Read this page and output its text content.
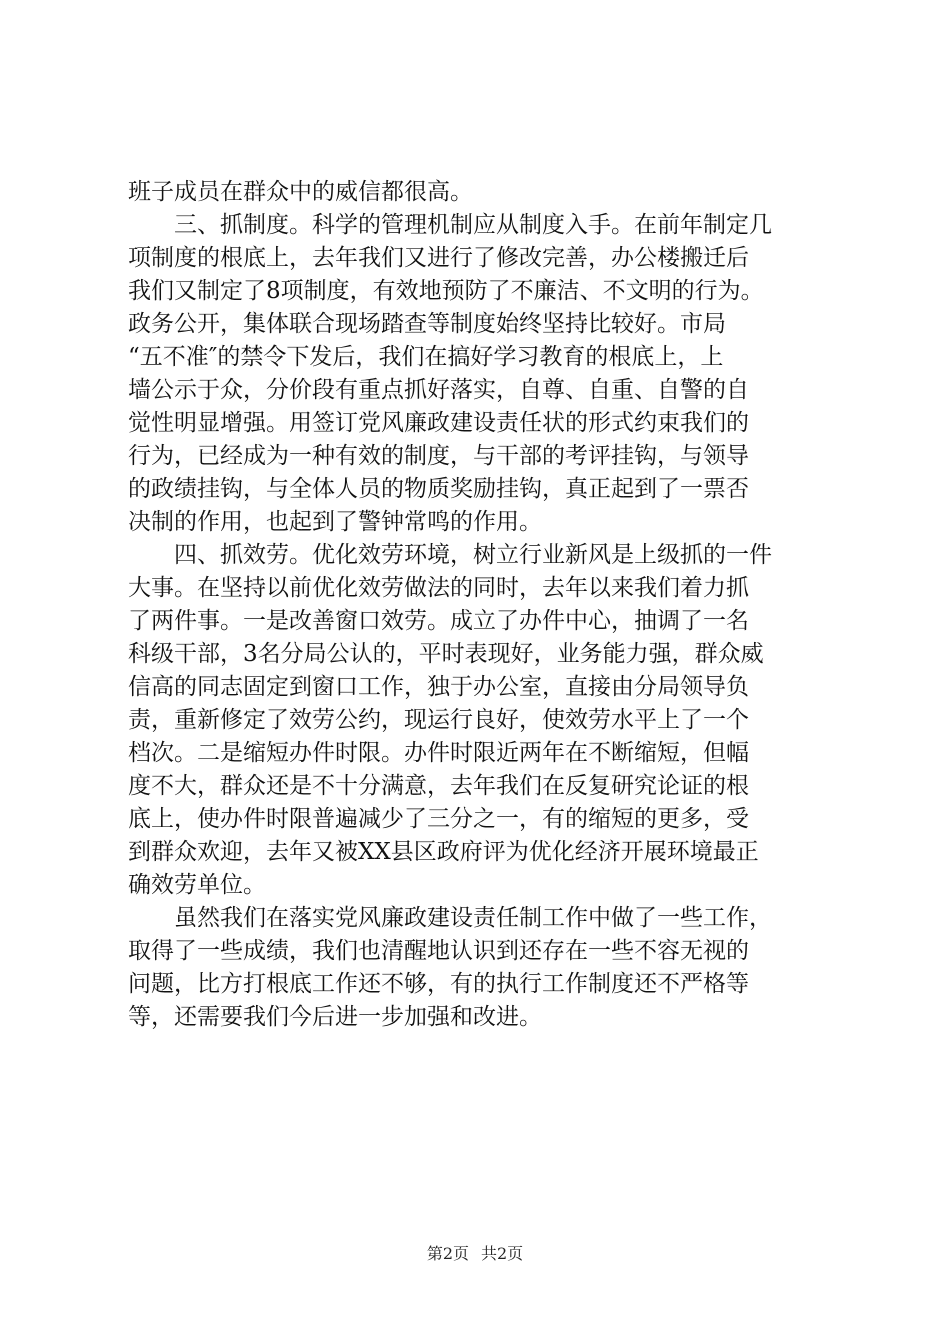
班子成员在群众中的威信都很高。
三、抓制度。科学的管理机制应从制度入手。在前年制定几
项制度的根底上，去年我们又进行了修改完善，办公楼搬迁后
我们又制定了8项制度，有效地预防了不廉洁、不文明的行为。
政务公开，集体联合现场踏查等制度始终坚持比较好。市局
“五不准″的禁令下发后，我们在搞好学习教育的根底上，上
墙公示于众，分价段有重点抓好落实，自尊、自重、自警的自
觉性明显增强。用签订党风廉政建设责任状的形式约束我们的
行为，已经成为一种有效的制度，与干部的考评挂钩，与领导
的政绩挂钩，与全体人员的物质奖励挂钩，真正起到了一票否
决制的作用，也起到了警钟常鸣的作用。
四、抓效劳。优化效劳环境，树立行业新风是上级抓的一件
大事。在坚持以前优化效劳做法的同时，去年以来我们着力抓
了两件事。一是改善窗口效劳。成立了办件中心，抽调了一名
科级干部，3名分局公认的，平时表现好，业务能力强，群众威
信高的同志固定到窗口工作，独于办公室，直接由分局领导负
责，重新修定了效劳公约，现运行良好，使效劳水平上了一个
档次。二是缩短办件时限。办件时限近两年在不断缩短，但幅
度不大，群众还是不十分满意，去年我们在反复研究论证的根
底上，使办件时限普遍减少了三分之一，有的缩短的更多，受
到群众欢迎，去年又被XX县区政府评为优化经济开展环境最正
确效劳单位。
虽然我们在落实党风廉政建设责任制工作中做了一些工作，
取得了一些成绩，我们也清醒地认识到还存在一些不容无视的
问题，比方打根底工作还不够，有的执行工作制度还不严格等
等，还需要我们今后进一步加强和改进。
第2页 共2页
